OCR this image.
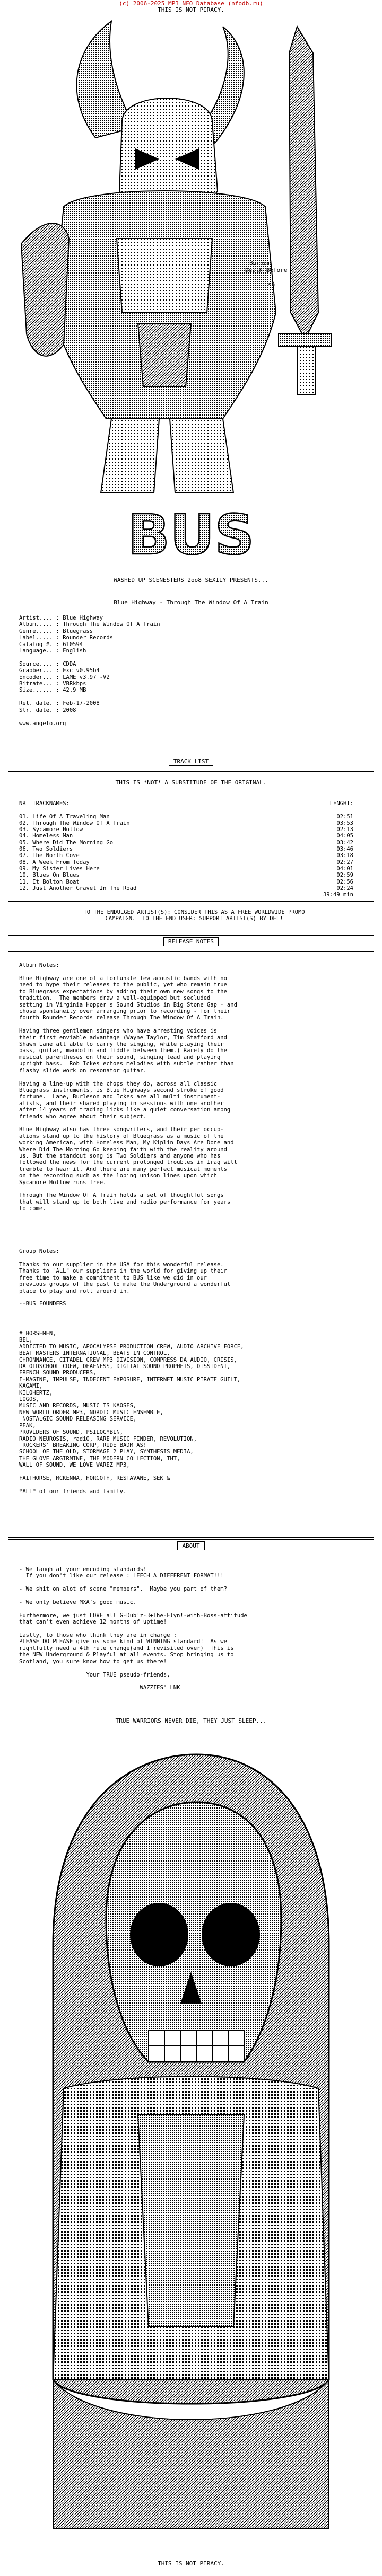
(c) 2006-2025 MP3 NFO Database (nfodb.ru)
THIS IS NOT PIRACY.
Burnum
Death Before
s6
BUS
WASHED UP SCENESTERS 2oo8 SEXILY PRESENTS...
Blue Highway - Through The Window Of A Train
Artist.... : Blue Highway
Album..... : Through The Window Of A Train
Genre..... : Bluegrass
Label..... : Rounder Records
Catalog #. : 610594
Language.. : English

Source.... : CDDA
Grabber... : Exc v0.95b4
Encoder... : LAME v3.97 -V2
Bitrate... : VBRkbps
Size...... : 42.9 MB

Rel. date. : Feb-17-2008
Str. date. : 2008

www.angelo.org
TRACK LIST
THIS IS *NOT* A SUBSTITUDE OF THE ORIGINAL.
NR TRACKNAMES:	LENGHT:

01. Life Of A Traveling Man	02:51
02. Through The Window Of A Train	03:53
03. Sycamore Hollow	02:13
04. Homeless Man	04:05
05. Where Did The Morning Go	03:42
06. Two Soldiers	03:46
07. The North Cove	03:18
08. A Week From Today	02:27
09. My Sister Lives Here	04:01
10. Blues On Blues	02:59
11. It Bolton Boat	02:56
12. Just Another Gravel In The Road	02:24
39:49 min
TO THE ENDULGED ARTIST(S): CONSIDER THIS AS A FREE WORLDWIDE PROMO
CAMPAIGN.  TO THE END USER: SUPPORT ARTIST(S) BY DEL!
RELEASE NOTES
Album Notes:
Blue Highway are one of a fortunate few acoustic bands with no
need to hype their releases to the public, yet who remain true
to Bluegrass expectations by adding their own new songs to the
tradition.  The members draw a well-equipped but secluded
setting in Virginia Hopper's Sound Studios in Big Stone Gap - and
chose spontaneity over arranging prior to recording - for their
fourth Rounder Records release Through The Window Of A Train.

Having three gentlemen singers who have arresting voices is
their first enviable advantage (Wayne Taylor, Tim Stafford and
Shawn Lane all able to carry the singing, while playing their
bass, guitar, mandolin and fiddle between them.) Rarely do the
musical parentheses on their sound, singing lead and playing
upright bass.  Rob Ickes echoes melodies with subtle rather than
flashy slide work on resonator guitar.

Having a line-up with the chops they do, across all classic
Bluegrass instruments, is Blue Highways second stroke of good
fortune.  Lane, Burleson and Ickes are all multi instrument-
alists, and their shared playing in sessions with one another
after 14 years of trading licks like a quiet conversation among
friends who agree about their subject.

Blue Highway also has three songwriters, and their per occup-
ations stand up to the history of Bluegrass as a music of the
working American, with Homeless Man, My Kiplin Days Are Done and
Where Did The Morning Go keeping faith with the reality around
us. But the standout song is Two Soldiers and anyone who has
followed the news for the current prolonged troubles in Iraq will
tremble to hear it. And there are many perfect musical moments
on the recording such as the loping unison lines upon which
Sycamore Hollow runs free.

Through The Window Of A Train holds a set of thoughtful songs
that will stand up to both live and radio performance for years
to come.
Group Notes:
Thanks to our supplier in the USA for this wonderful release.
Thanks to "ALL" our suppliers in the world for giving up their
free time to make a commitment to BUS like we did in our
previous groups of the past to make the Underground a wonderful
place to play and roll around in.

--BUS FOUNDERS
# HORSEMEN,
BEL,
ADDICTED TO MUSIC, APOCALYPSE PRODUCTION CREW, AUDIO ARCHIVE FORCE,
BEAT MASTERS INTERNATIONAL, BEATS IN CONTROL,
CHRONNANCE, CITADEL CREW MP3 DIVISION, COMPRESS DA AUDIO, CRISIS,
DA OLDSCHOOL CREW, DEAFNESS, DIGITAL SOUND PROPHETS, DISSIDENT,
FRENCH SOUND PRODUCERS,
I-MAGINE, IMPULSE, INDECENT EXPOSURE, INTERNET MUSIC PIRATE GUILT,
KAGAMI,
KILOHERTZ,
LOGOS,
MUSIC AND RECORDS, MUSIC IS KAOSES,
NEW WORLD ORDER MP3, NORDIC MUSIC ENSEMBLE,
NOSTALGIC SOUND RELEASING SERVICE,
PEAK,
PROVIDERS OF SOUND, PSILOCYBIN,
RADIO NEUROSIS, radiO, RARE MUSIC FINDER, REVOLUTION,
ROCKERS' BREAKING CORP, RUDE BADM AS!
SCHOOL OF THE OLD, STORMAGE 2 PLAY, SYNTHESIS MEDIA,
THE GLOVE ARGIRMINE, THE MODERN COLLECTION, THT,
WALL OF SOUND, WE LOVE WAREZ MP3,

FAITHORSE, MCKENNA, HORGOTH, RESTAVANE, SEK &

*ALL* of our friends and family.
ABOUT
- We laugh at your encoding standards!
If you don't like our release : LEECH A DIFFERENT FORMAT!!!

- We shit on alot of scene "members".  Maybe you part of them?

- We only believe MXA's good music.

Furthermore, we just LOVE all G-Dub'z-3+The-Flyn!-with-Boss-attitude
that can't even achieve 12 months of uptime!

Lastly, to those who think they are in charge :
PLEASE DO PLEASE give us some kind of WINNING standard!  As we
rightfully need a 4th rule change(and I revisited over)  This is
the NEW Underground & Playful at all events. Stop bringing us to
Scotland, you sure know how to get us there!

Your TRUE pseudo-friends,

WAZZIES' LNK
TRUE WARRIORS NEVER DIE, THEY JUST SLEEP...
THIS IS NOT PIRACY.
